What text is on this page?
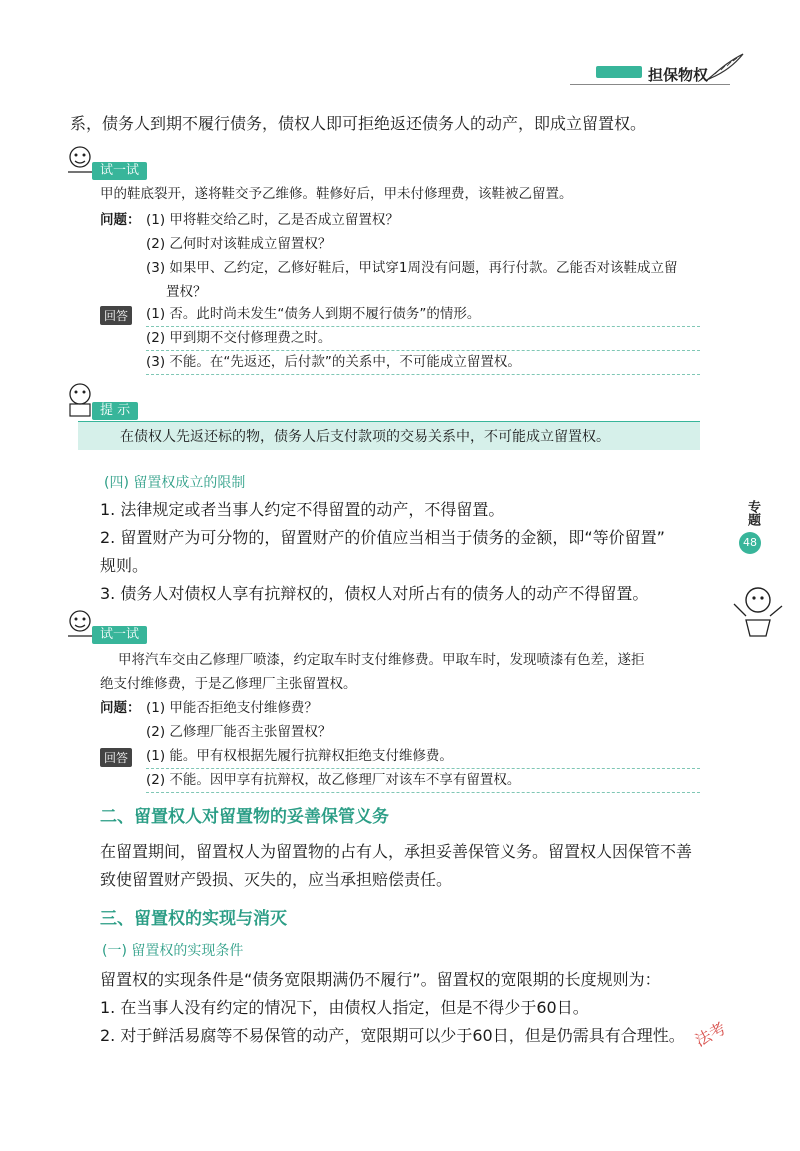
担保物权
系，债务人到期不履行债务，债权人即可拒绝返还债务人的动产，即成立留置权。
试一试
甲的鞋底裂开，遂将鞋交予乙维修。鞋修好后，甲未付修理费，该鞋被乙留置。
问题： (1) 甲将鞋交给乙时，乙是否成立留置权？
(2) 乙何时对该鞋成立留置权？
(3) 如果甲、乙约定，乙修好鞋后，甲试穿1周没有问题，再行付款。乙能否对该鞋成立留
置权？
回答 (1) 否。此时尚未发生“债务人到期不履行债务”的情形。
(2) 甲到期不交付修理费之时。
(3) 不能。在“先返还，后付款”的关系中，不可能成立留置权。
提 示
在债权人先返还标的物，债务人后支付款项的交易关系中，不可能成立留置权。
(四) 留置权成立的限制
1. 法律规定或者当事人约定不得留置的动产，不得留置。
2. 留置财产为可分物的，留置财产的价值应当相当于债务的金额，即“等价留置”
规则。
3. 债务人对债权人享有抗辩权的，债权人对所占有的债务人的动产不得留置。
专题
48
试一试
甲将汽车交由乙修理厂喷漆，约定取车时支付维修费。甲取车时，发现喷漆有色差，遂拒
绝支付维修费，于是乙修理厂主张留置权。
问题： (1) 甲能否拒绝支付维修费？
(2) 乙修理厂能否主张留置权？
回答 (1) 能。甲有权根据先履行抗辩权拒绝支付维修费。
(2) 不能。因甲享有抗辩权，故乙修理厂对该车不享有留置权。
二、留置权人对留置物的妥善保管义务
在留置期间，留置权人为留置物的占有人，承担妥善保管义务。留置权人因保管不善
致使留置财产毁损、灭失的，应当承担赔偿责任。
三、留置权的实现与消灭
(一) 留置权的实现条件
留置权的实现条件是“债务宽限期满仍不履行”。留置权的宽限期的长度规则为：
1. 在当事人没有约定的情况下，由债权人指定，但是不得少于60日。
2. 对于鲜活易腐等不易保管的动产，宽限期可以少于60日，但是仍需具有合理性。 法考
